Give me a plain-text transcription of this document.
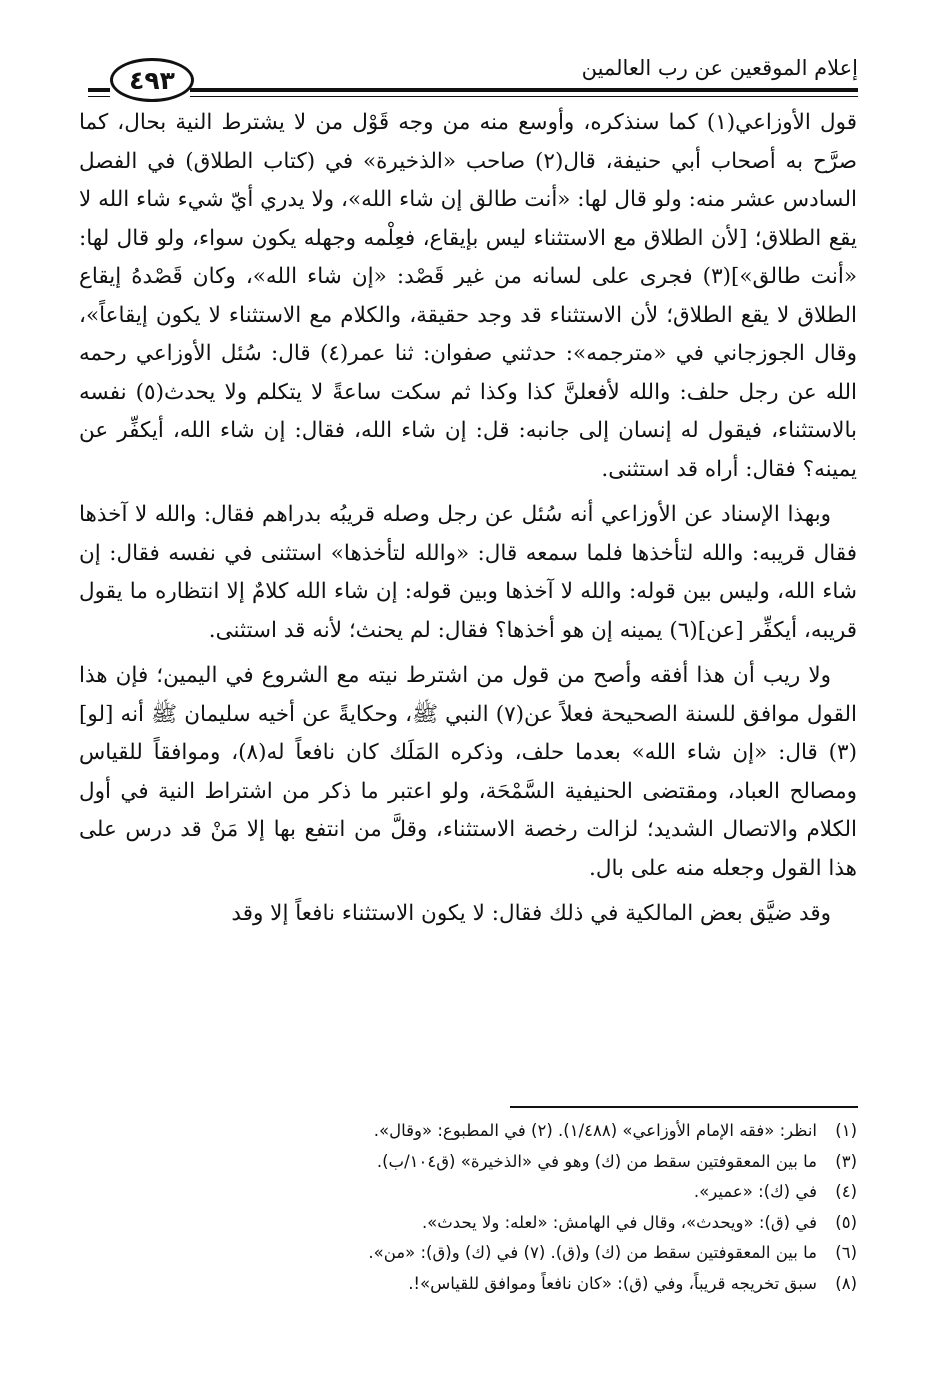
إعلام الموقعين عن رب العالمين
٤٩٣

قول الأوزاعي(١) كما سنذكره، وأوسع منه من وجه قَوْل من لا يشترط النية بحال، كما صرَّح به أصحاب أبي حنيفة، قال(٢) صاحب «الذخيرة» في (كتاب الطلاق) في الفصل السادس عشر منه: ولو قال لها: «أنت طالق إن شاء الله»، ولا يدري أيّ شيء شاء الله لا يقع الطلاق؛ [لأن الطلاق مع الاستثناء ليس بإيقاع، فعِلْمه وجهله يكون سواء، ولو قال لها: «أنت طالق»](٣) فجرى على لسانه من غير قَصْد: «إن شاء الله»، وكان قَصْدهُ إيقاع الطلاق لا يقع الطلاق؛ لأن الاستثناء قد وجد حقيقة، والكلام مع الاستثناء لا يكون إيقاعاً»، وقال الجوزجاني في «مترجمه»: حدثني صفوان: ثنا عمر(٤) قال: سُئل الأوزاعي رحمه الله عن رجل حلف: والله لأفعلنَّ كذا وكذا ثم سكت ساعةً لا يتكلم ولا يحدث(٥) نفسه بالاستثناء، فيقول له إنسان إلى جانبه: قل: إن شاء الله، فقال: إن شاء الله، أيكفِّر عن يمينه؟ فقال: أراه قد استثنى.

وبهذا الإسناد عن الأوزاعي أنه سُئل عن رجل وصله قريبُه بدراهم فقال: والله لا آخذها فقال قريبه: والله لتأخذها فلما سمعه قال: «والله لتأخذها» استثنى في نفسه فقال: إن شاء الله، وليس بين قوله: والله لا آخذها وبين قوله: إن شاء الله كلامٌ إلا انتظاره ما يقول قريبه، أيكفِّر [عن](٦) يمينه إن هو أخذها؟ فقال: لم يحنث؛ لأنه قد استثنى.

ولا ريب أن هذا أفقه وأصح من قول من اشترط نيته مع الشروع في اليمين؛ فإن هذا القول موافق للسنة الصحيحة فعلاً عن(٧) النبي ﷺ، وحكايةً عن أخيه سليمان ﷺ أنه [لو](٣) قال: «إن شاء الله» بعدما حلف، وذكره المَلَك كان نافعاً له(٨)، وموافقاً للقياس ومصالح العباد، ومقتضى الحنيفية السَّمْحَة، ولو اعتبر ما ذكر من اشتراط النية في أول الكلام والاتصال الشديد؛ لزالت رخصة الاستثناء، وقلَّ من انتفع بها إلا مَنْ قد درس على هذا القول وجعله منه على بال.

وقد ضيَّق بعض المالكية في ذلك فقال: لا يكون الاستثناء نافعاً إلا وقد

(١)انظر: «فقه الإمام الأوزاعي» (١/٤٨٨). (٢) في المطبوع: «وقال».

(٣)ما بين المعقوفتين سقط من (ك) وهو في «الذخيرة» (ق١٠٤/ب).

(٤)في (ك): «عمير».

(٥)في (ق): «ويحدث»، وقال في الهامش: «لعله: ولا يحدث».

(٦)ما بين المعقوفتين سقط من (ك) و(ق). (٧) في (ك) و(ق): «من».

(٨)سبق تخريجه قريباً، وفي (ق): «كان نافعاً وموافق للقياس»!.
